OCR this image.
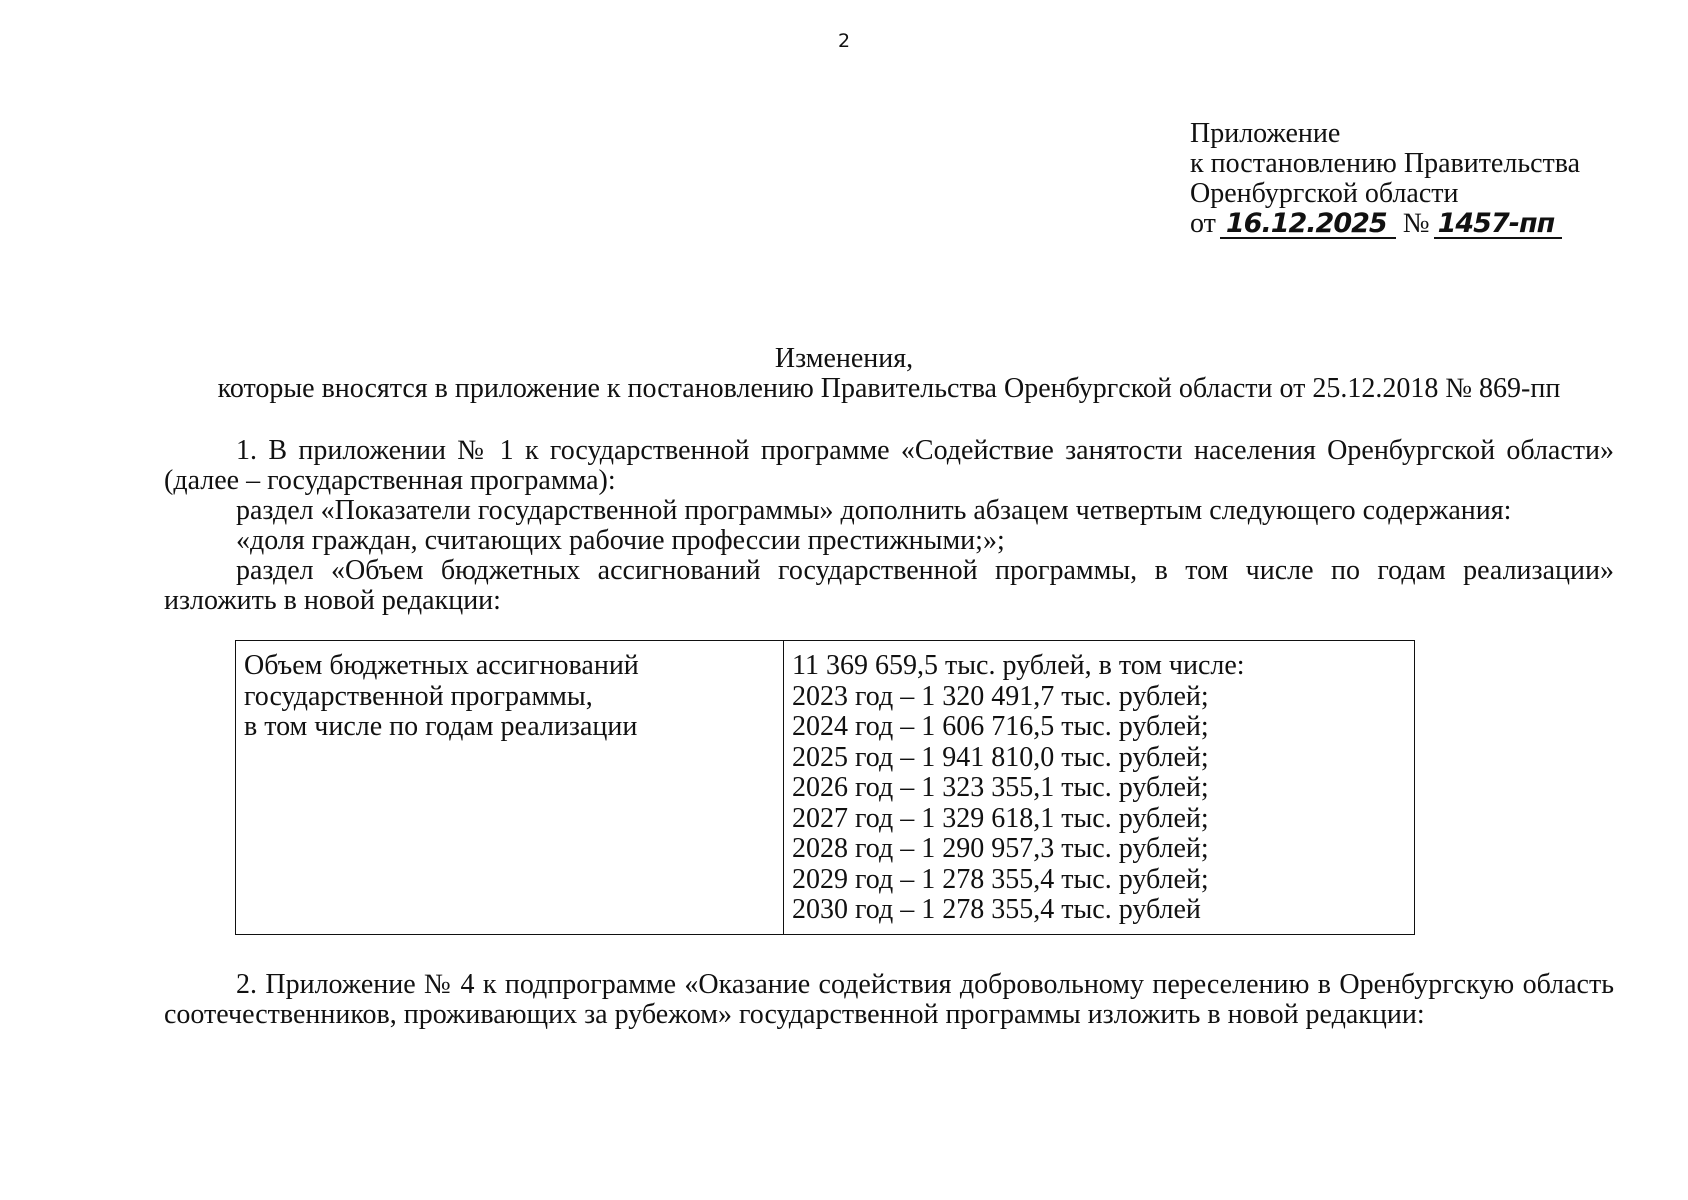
2
Приложение
к постановлению Правительства
Оренбургской области
от 16.12.2025 № 1457-пп
Изменения,
которые вносятся в приложение к постановлению Правительства Оренбургской области от 25.12.2018 № 869-пп
1. В приложении № 1 к государственной программе «Содействие занятости населения Оренбургской области» (далее – государственная программа):
раздел «Показатели государственной программы» дополнить абзацем четвертым следующего содержания:
«доля граждан, считающих рабочие профессии престижными;»;
раздел «Объем бюджетных ассигнований государственной программы, в том числе по годам реализации» изложить в новой редакции:
Объем бюджетных ассигнований
государственной программы,
в том числе по годам реализации
11 369 659,5 тыс. рублей, в том числе:
2023 год – 1 320 491,7 тыс. рублей;
2024 год – 1 606 716,5 тыс. рублей;
2025 год – 1 941 810,0 тыс. рублей;
2026 год – 1 323 355,1 тыс. рублей;
2027 год – 1 329 618,1 тыс. рублей;
2028 год – 1 290 957,3 тыс. рублей;
2029 год – 1 278 355,4 тыс. рублей;
2030 год – 1 278 355,4 тыс. рублей
2. Приложение № 4 к подпрограмме «Оказание содействия добровольному переселению в Оренбургскую область соотечественников, проживающих за рубежом» государственной программы изложить в новой редакции:
